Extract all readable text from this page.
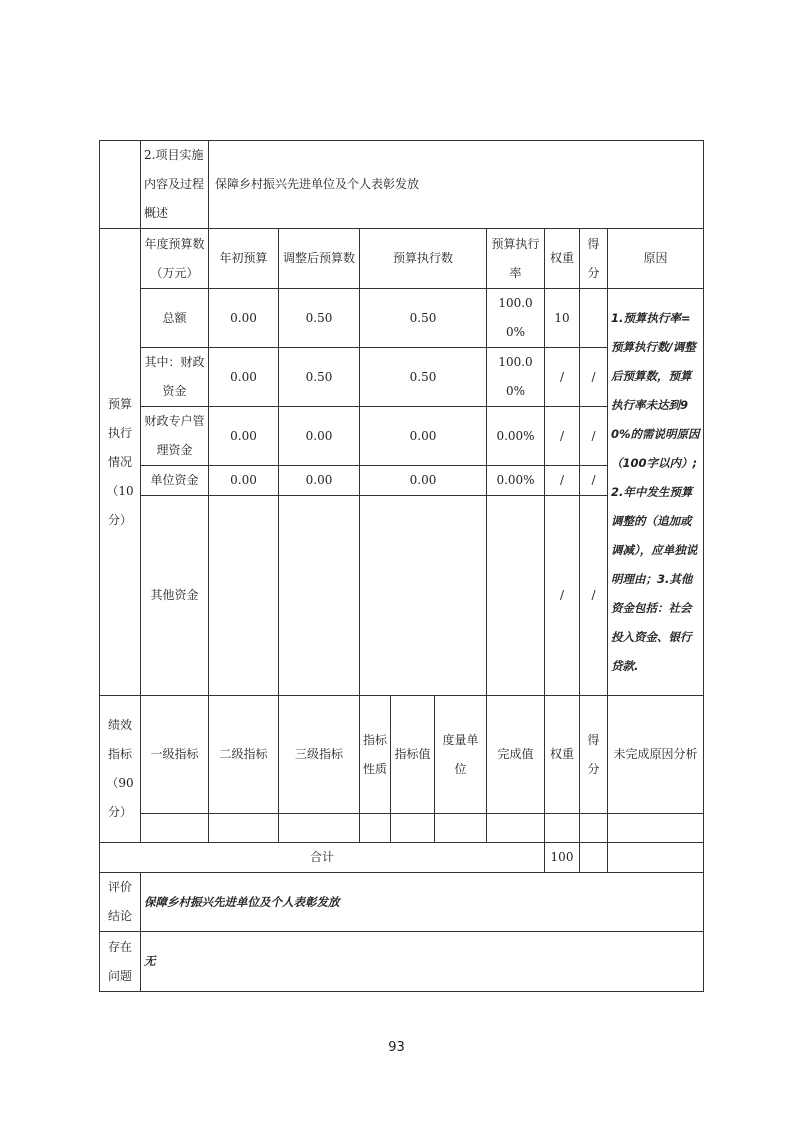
	2.项目实施内容及过程概述	保障乡村振兴先进单位及个人表彰发放								
预算执行情况（10分）	年度预算数（万元）	年初预算	调整后预算数	预算执行数			预算执行率	权重	得分	原因
	总额	0.00	0.50	0.50			100.00%	10		1.预算执行率=预算执行数/调整后预算数，预算执行率未达到90%的需说明原因（100字以内）;2.年中发生预算调整的（追加或调减），应单独说明理由；3.其他资金包括：社会投入资金、银行贷款.
	其中：财政资金	0.00	0.50	0.50			100.00%	/	/	
	财政专户管理资金	0.00	0.00	0.00			0.00%	/	/	
	单位资金	0.00	0.00	0.00			0.00%	/	/	
	其他资金							/	/	
绩效指标（90分）	一级指标	二级指标	三级指标	指标性质	指标值	度量单位	完成值	权重	得分	未完成原因分析

合计								100		
评价结论	保障乡村振兴先进单位及个人表彰发放									
存在问题	无									
93
